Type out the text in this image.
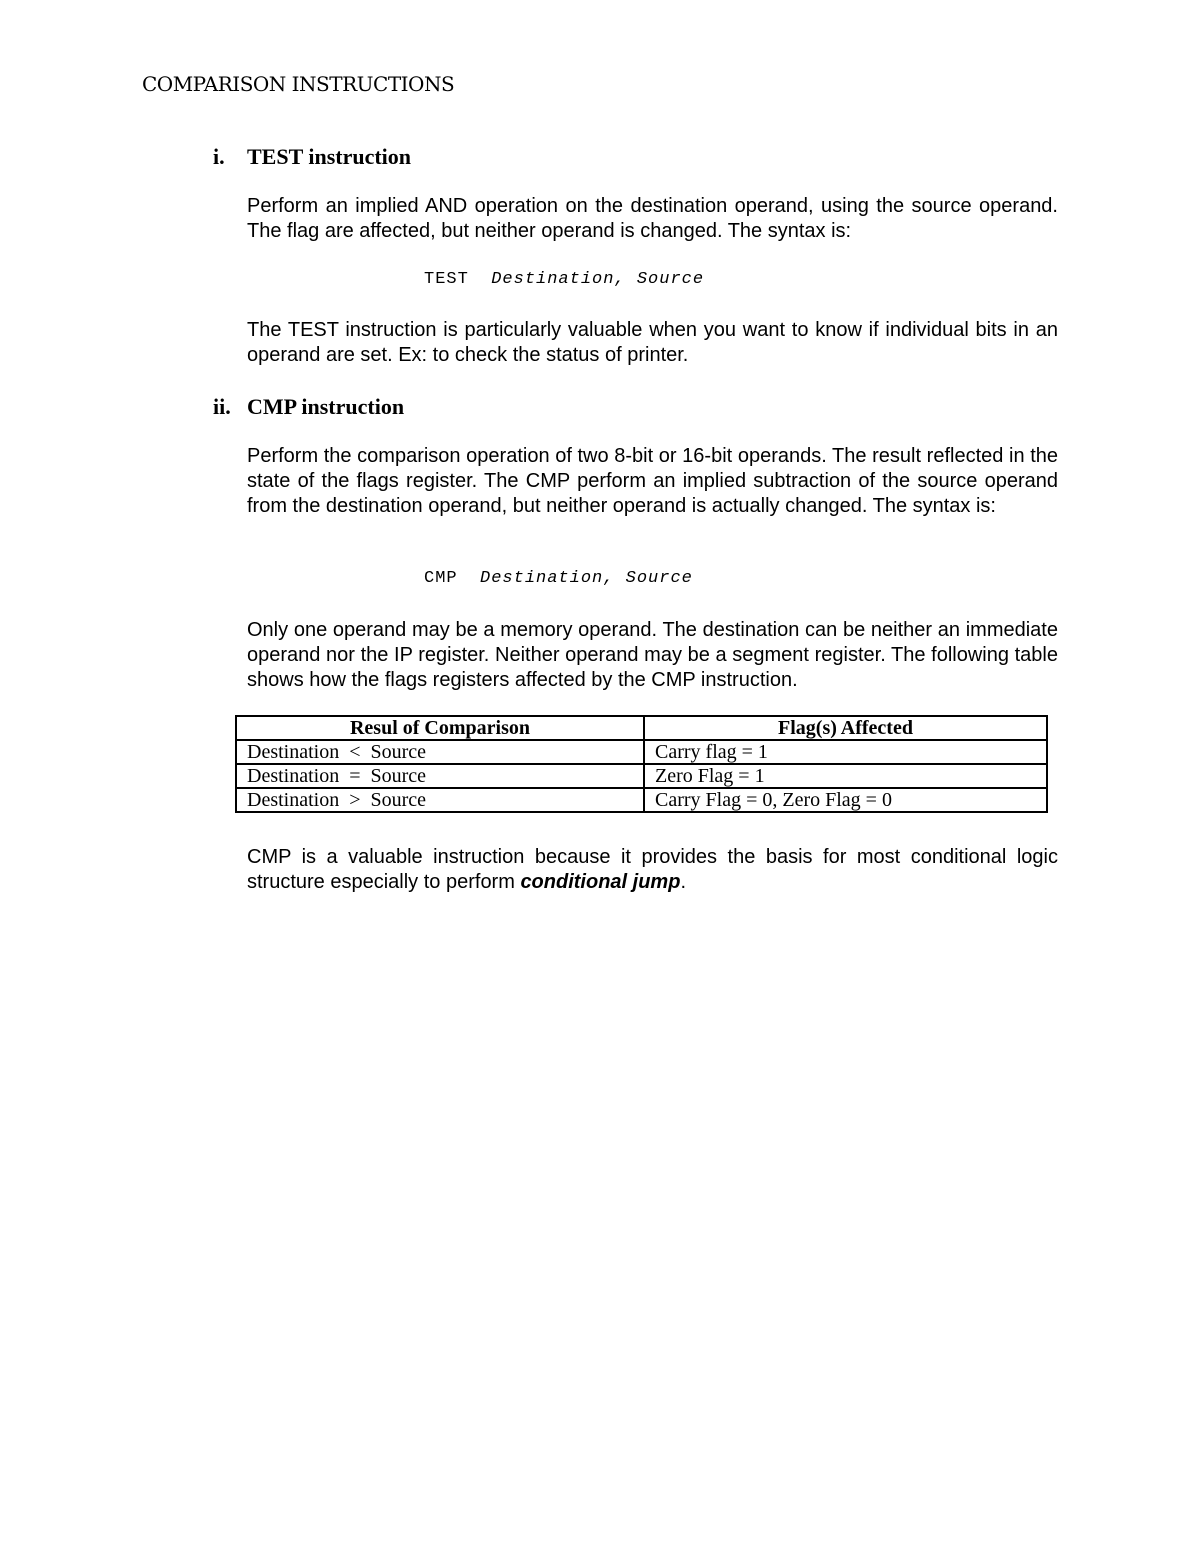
COMPARISON INSTRUCTIONS
i. TEST instruction

Perform an implied AND operation on the destination operand, using the source operand. The flag are affected, but neither operand is changed. The syntax is:

TEST Destination, Source

The TEST instruction is particularly valuable when you want to know if individual bits in an operand are set. Ex: to check the status of printer.

ii. CMP instruction

Perform the comparison operation of two 8-bit or 16-bit operands. The result reflected in the state of the flags register. The CMP perform an implied subtraction of the source operand from the destination operand, but neither operand is actually changed. The syntax is:

CMP Destination, Source

Only one operand may be a memory operand. The destination can be neither an immediate operand nor the IP register. Neither operand may be a segment register. The following table shows how the flags registers affected by the CMP instruction.

Resul of Comparison	Flag(s) Affected
Destination  <  Source	Carry flag = 1
Destination  =  Source	Zero Flag = 1
Destination  >  Source	Carry Flag = 0, Zero Flag = 0

CMP is a valuable instruction because it provides the basis for most conditional logic structure especially to perform conditional jump.
